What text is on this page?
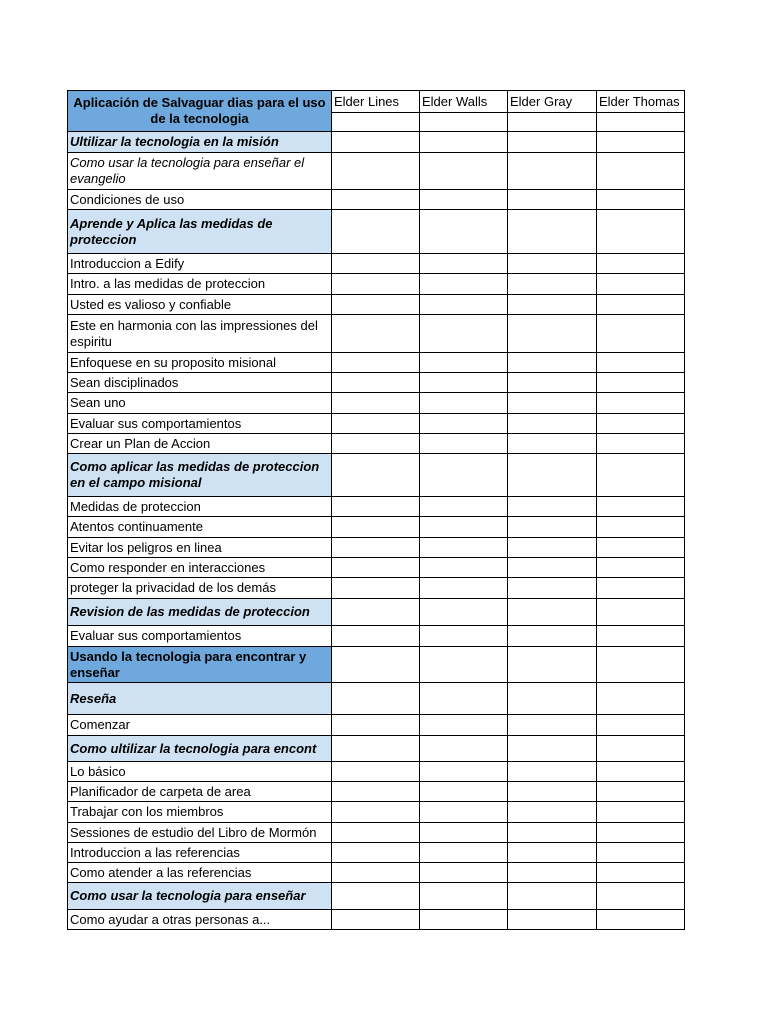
Aplicación de Salvaguar dias para el uso de la tecnologia	Elder Lines	Elder Walls	Elder Gray	Elder Thomas

Ultilizar la tecnologia en la misión				
Como usar la tecnologia para enseñar el evangelio				
Condiciones de uso				
Aprende y Aplica las medidas de proteccion				
Introduccion a Edify				
Intro. a las medidas de proteccion				
Usted es valioso y confiable				
Este en harmonia con las impressiones del espiritu				
Enfoquese en su proposito misional				
Sean disciplinados				
Sean uno				
Evaluar sus comportamientos				
Crear un Plan de Accion				
Como aplicar las medidas de proteccion en el campo misional				
Medidas de proteccion				
Atentos continuamente				
Evitar los peligros en linea				
Como responder en interacciones				
proteger la privacidad de los demás				
Revision de las medidas de proteccion				
Evaluar sus comportamientos				
Usando la tecnologia para encontrar y enseñar				
Reseña				
Comenzar				
Como ultilizar la tecnologia para encont				
Lo básico				
Planificador de carpeta de area				
Trabajar con los miembros				
Sessiones de estudio del Libro de Mormón				
Introduccion a las referencias				
Como atender a las referencias				
Como usar la tecnologia para enseñar				
Como ayudar a otras personas a...				
